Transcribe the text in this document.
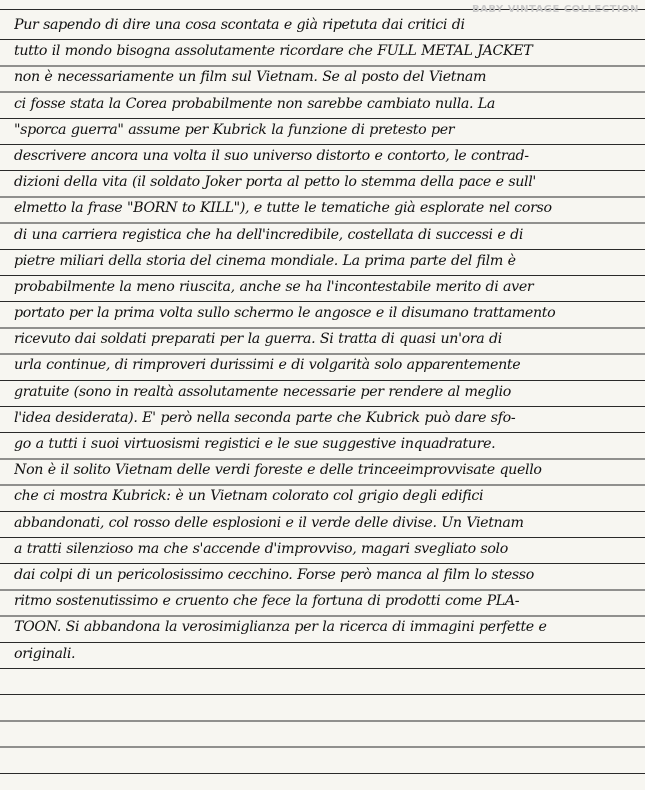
BABY VINTAGE COLLECTION
Pur sapendo di dire una cosa scontata e già ripetuta dai critici di
tutto il mondo bisogna assolutamente ricordare che FULL METAL JACKET
non è necessariamente un film sul Vietnam. Se al posto del Vietnam
ci fosse stata la Corea probabilmente non sarebbe cambiato nulla. La
"sporca guerra" assume per Kubrick la funzione di pretesto per
descrivere ancora una volta il suo universo distorto e contorto, le contrad-
dizioni della vita (il soldato Joker porta al petto lo stemma della pace e sull'
elmetto la frase "BORN to KILL"), e tutte le tematiche già esplorate nel corso
di una carriera registica che ha dell'incredibile, costellata di successi e di
pietre miliari della storia del cinema mondiale. La prima parte del film è
probabilmente la meno riuscita, anche se ha l'incontestabile merito di aver
portato per la prima volta sullo schermo le angosce e il disumano trattamento
ricevuto dai soldati preparati per la guerra. Si tratta di quasi un'ora di
urla continue, di rimproveri durissimi e di volgarità solo apparentemente
gratuite (sono in realtà assolutamente necessarie per rendere al meglio
l'idea desiderata). E' però nella seconda parte che Kubrick può dare sfo-
go a tutti i suoi virtuosismi registici e le sue suggestive inquadrature.
Non è il solito Vietnam delle verdi foreste e delle trinceeimprovvisate quello
che ci mostra Kubrick: è un Vietnam colorato col grigio degli edifici
abbandonati, col rosso delle esplosioni e il verde delle divise. Un Vietnam
a tratti silenzioso ma che s'accende d'improvviso, magari svegliato solo
dai colpi di un pericolosissimo cecchino. Forse però manca al film lo stesso
ritmo sostenutissimo e cruento che fece la fortuna di prodotti come PLA-
TOON. Si abbandona la verosimiglianza per la ricerca di immagini perfette e
originali.
